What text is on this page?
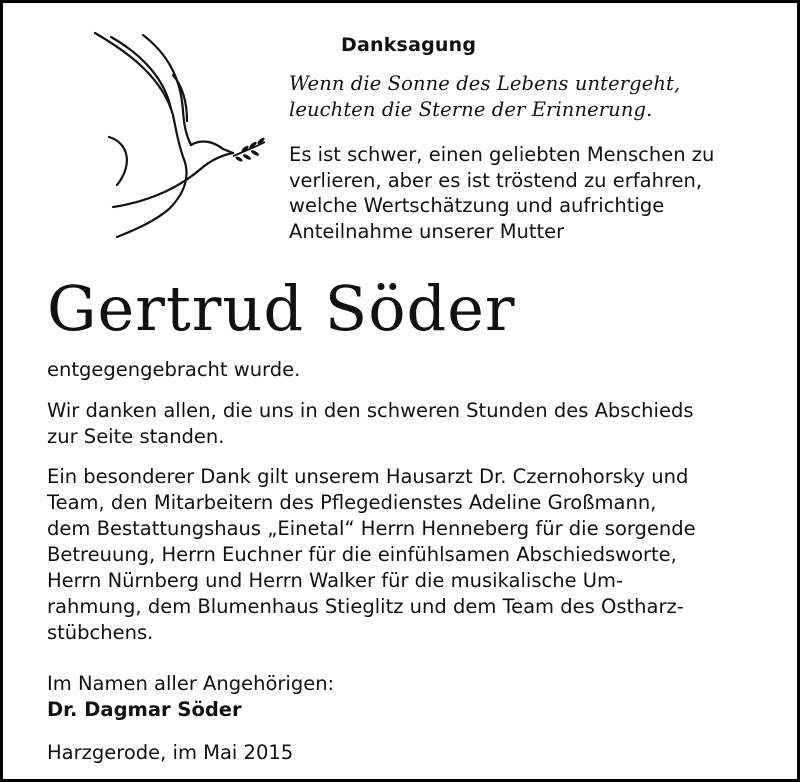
Danksagung
Wenn die Sonne des Lebens untergeht,
leuchten die Sterne der Erinnerung.
Es ist schwer, einen geliebten Menschen zu
verlieren, aber es ist tröstend zu erfahren,
welche Wertschätzung und aufrichtige
Anteilnahme unserer Mutter
Gertrud Söder
entgegengebracht wurde.
Wir danken allen, die uns in den schweren Stunden des Abschieds
zur Seite standen.
Ein besonderer Dank gilt unserem Hausarzt Dr. Czernohorsky und
Team, den Mitarbeitern des Pflegedienstes Adeline Großmann,
dem Bestattungshaus „Einetal“ Herrn Henneberg für die sorgende
Betreuung, Herrn Euchner für die einfühlsamen Abschiedsworte,
Herrn Nürnberg und Herrn Walker für die musikalische Um-
rahmung, dem Blumenhaus Stieglitz und dem Team des Ostharz-
stübchens.
Im Namen aller Angehörigen:
Dr. Dagmar Söder
Harzgerode, im Mai 2015
